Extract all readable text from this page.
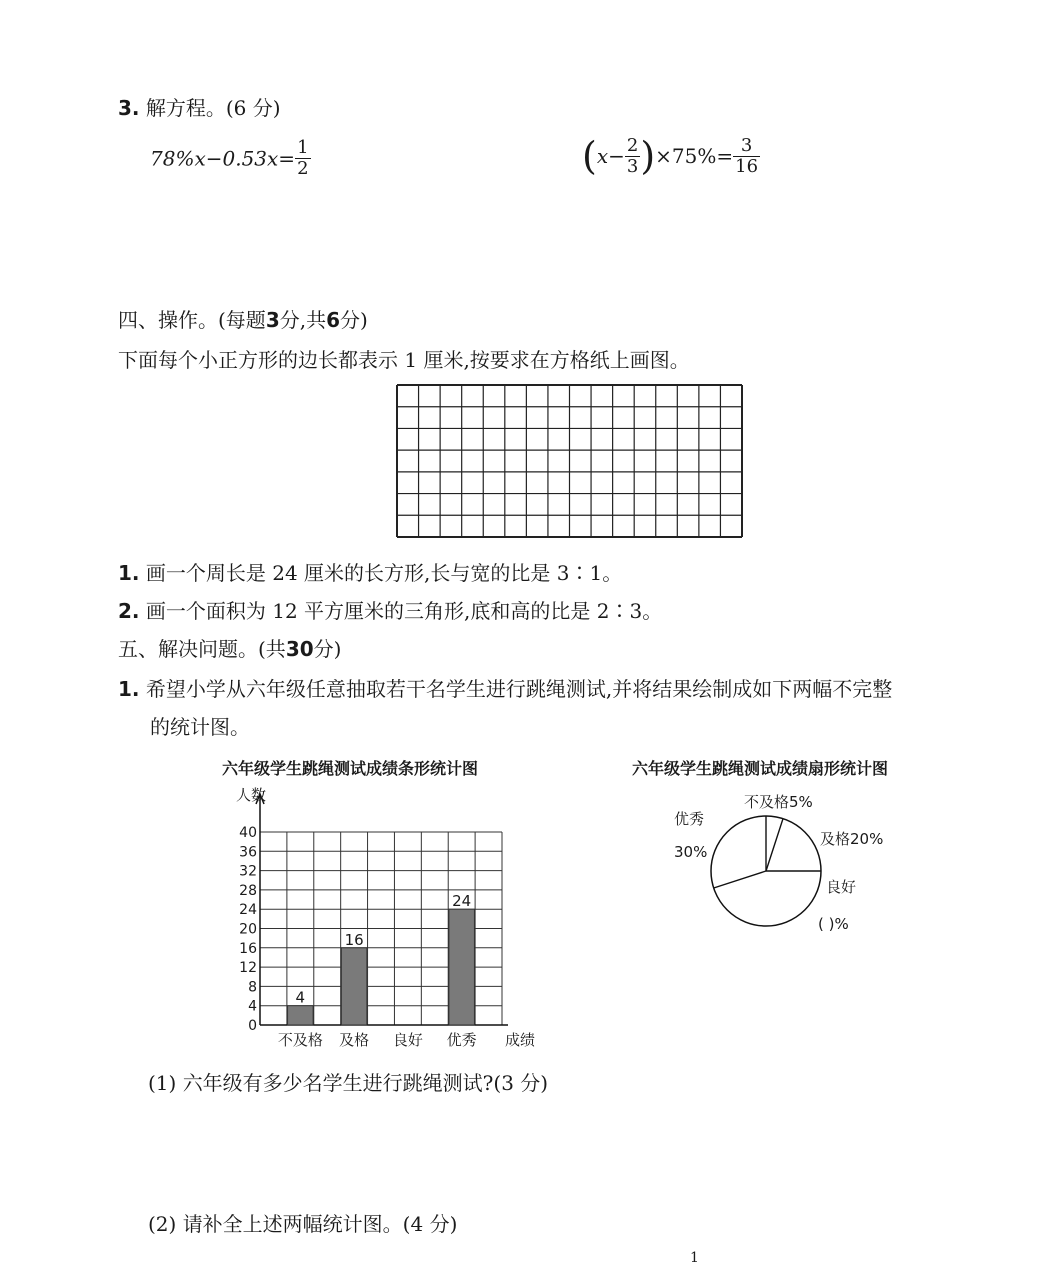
3. 解方程。(6 分)
$78\%x-0.53x= \frac{1}{2}$	$(x- \frac{2}{3} )\times 75\%= \frac{3}{16}$
四、操作。(每题3分,共6分)
下面每个小正方形的边长都表示 1 厘米,按要求在方格纸上画图。
1. 画一个周长是 24 厘米的长方形,长与宽的比是 3∶1。
2. 画一个面积为 12 平方厘米的三角形,底和高的比是 2∶3。
五、解决问题。(共30分)
1. 希望小学从六年级任意抽取若干名学生进行跳绳测试,并将结果绘制成如下两幅不完整
的统计图。
六年级学生跳绳测试成绩条形统计图
0
4
8
12
16
20
24
28
32
36
40
人数
4
不及格
16
及格 良好
24
优秀 成绩
六年级学生跳绳测试成绩扇形统计图
不及格5%
及格20%
良好
( )%
优秀
30%
(1) 六年级有多少名学生进行跳绳测试?(3 分)
(2) 请补全上述两幅统计图。(4 分)
1
